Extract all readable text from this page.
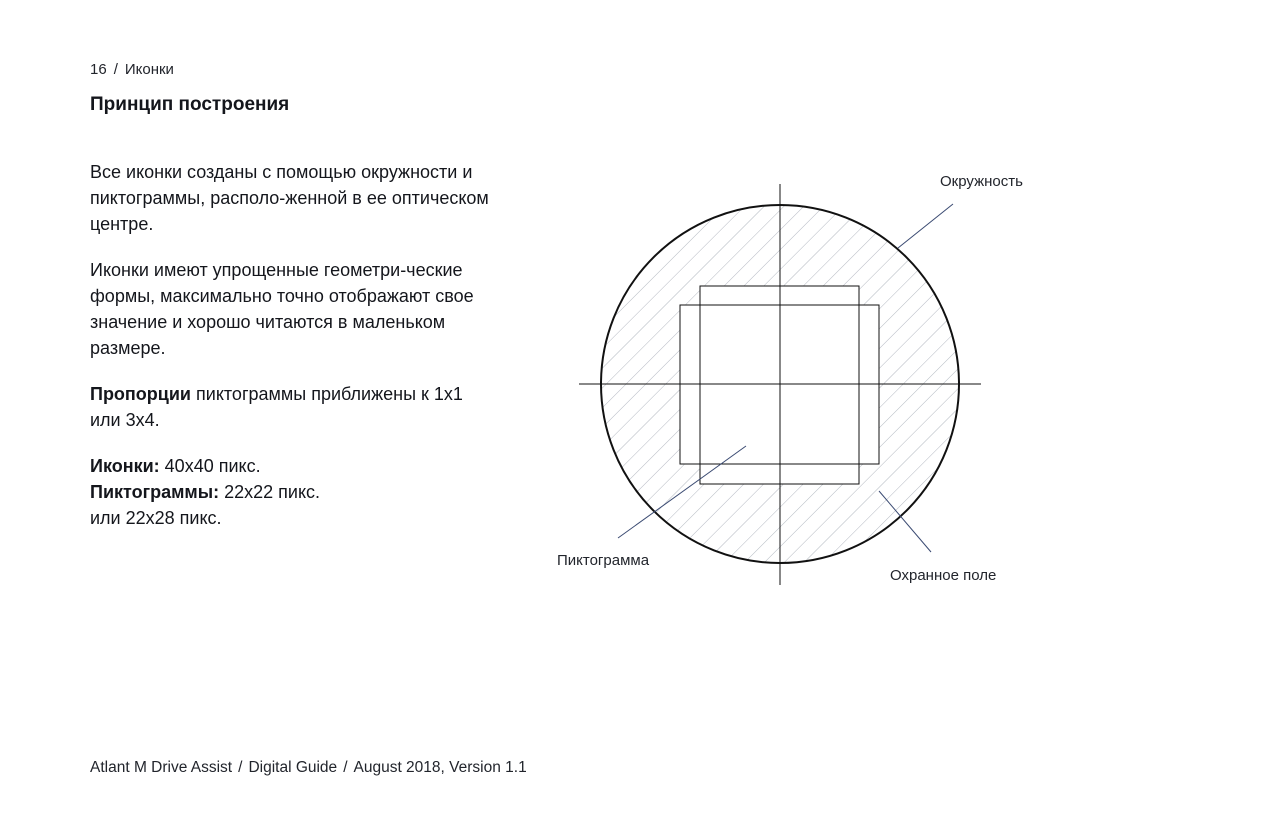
16 / Иконки
Принцип построения

Все иконки созданы с помощью окружности и пиктограммы, располо-женной в ее оптическом центре.

Иконки имеют упрощенные геометри-ческие формы, максимально точно отображают свое значение и хорошо читаются в маленьком размере.

Пропорции пиктограммы приближены к 1x1 или 3x4.

Иконки: 40x40 пикс.
Пиктограммы: 22x22 пикс.
или 22x28 пикс.

Окружность
Пиктограмма
Охранное поле
Atlant M Drive Assist / Digital Guide / August 2018, Version 1.1
